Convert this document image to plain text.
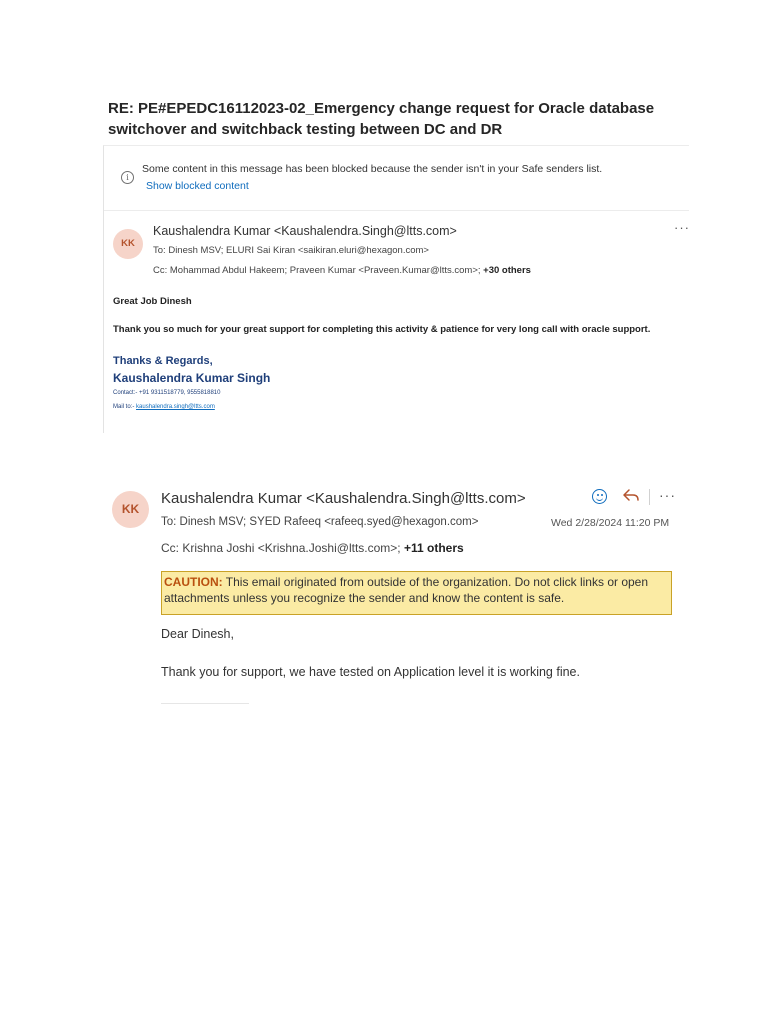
RE: PE#EPEDC16112023-02_Emergency change request for Oracle database switchover and switchback testing between DC and DR
i
Some content in this message has been blocked because the sender isn't in your Safe senders list.
Show blocked content
KK
Kaushalendra Kumar <Kaushalendra.Singh@ltts.com>
To: Dinesh MSV; ELURI Sai Kiran <saikiran.eluri@hexagon.com>
Cc: Mohammad Abdul Hakeem; Praveen Kumar <Praveen.Kumar@ltts.com>; +30 others
···
Great Job Dinesh
Thank you so much for your great support for completing this activity & patience for very long call with oracle support.
Thanks & Regards,
Kaushalendra Kumar Singh
Contact:- +91 9311518779, 9555818810
Mail to:- kaushalendra.singh@ltts.com
KK
Kaushalendra Kumar <Kaushalendra.Singh@ltts.com>
To: Dinesh MSV; SYED Rafeeq <rafeeq.syed@hexagon.com>	Wed 2/28/2024 11:20 PM
Cc: Krishna Joshi <Krishna.Joshi@ltts.com>; +11 others
···
CAUTION: This email originated from outside of the organization. Do not click links or open attachments unless you recognize the sender and know the content is safe.
Dear Dinesh,
Thank you for support, we have tested on Application level it is working fine.
